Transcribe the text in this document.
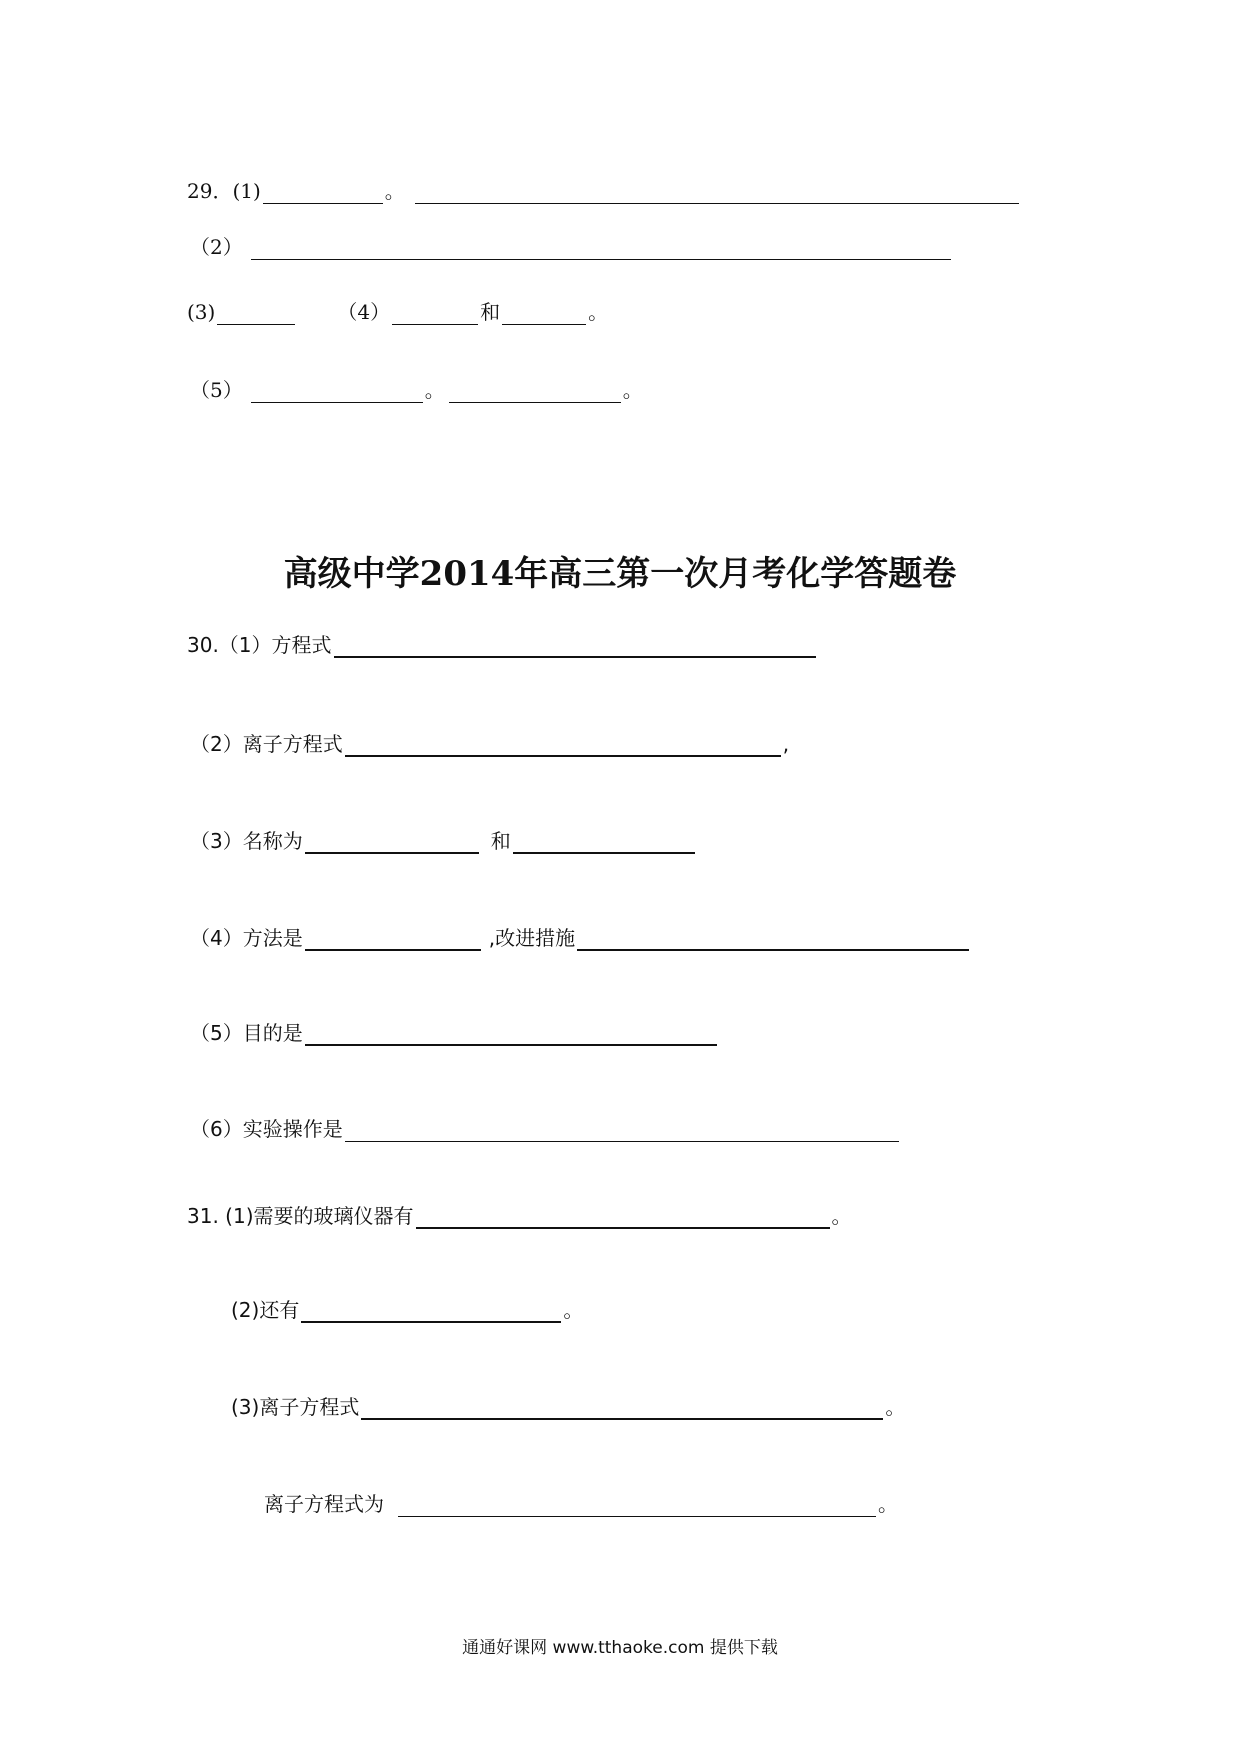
29．(1)	。
（2）
(3)	（4）	和	。
（5）	。	。
高级中学2014年高三第一次月考化学答题卷
30.（1）方程式
（2）离子方程式	,
（3）名称为	和
（4）方法是	,改进措施
（5）目的是
（6）实验操作是
31. (1)需要的玻璃仪器有	。
(2)还有	。
(3)离子方程式	。
离子方程式为	。
通通好课网 www.tthaoke.com 提供下载
